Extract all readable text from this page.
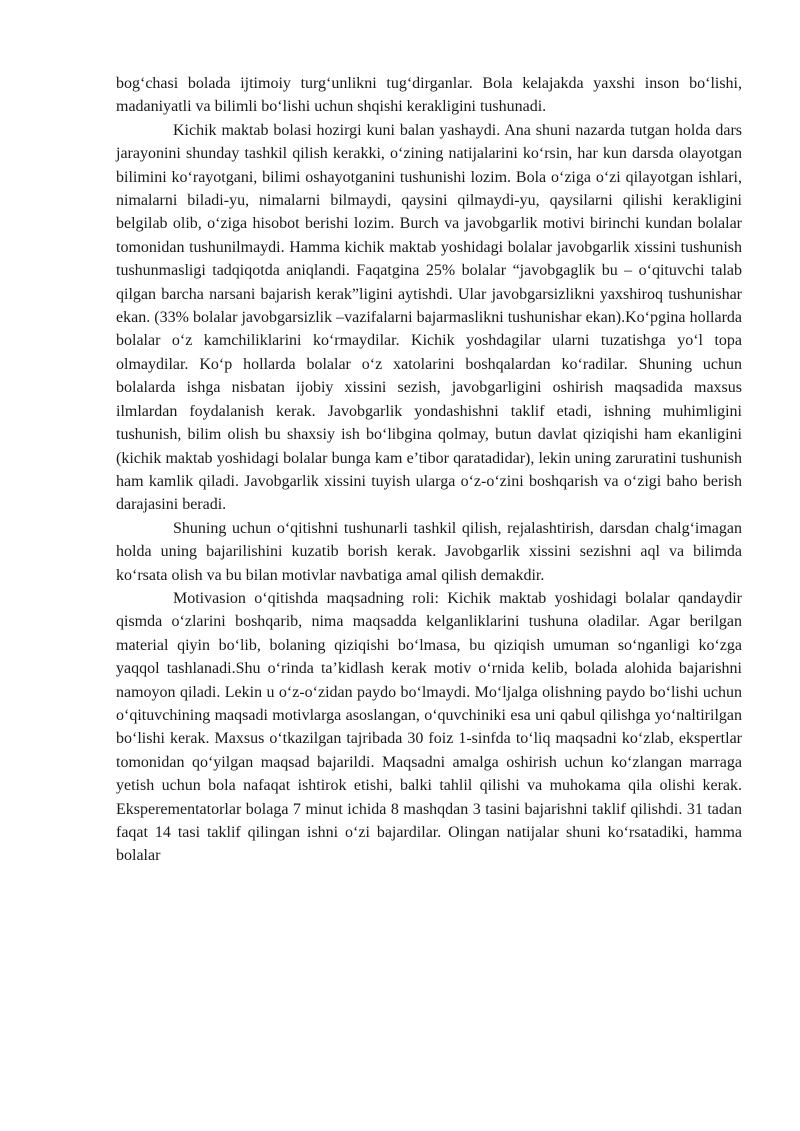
bog‘chasi bolada ijtimoiy turg‘unlikni tug‘dirganlar. Bola kelajakda yaxshi inson bo‘lishi, madaniyatli va bilimli bo‘lishi uchun shqishi kerakligini tushunadi.

Kichik maktab bolasi hozirgi kuni balan yashaydi. Ana shuni nazarda tutgan holda dars jarayonini shunday tashkil qilish kerakki, o‘zining natijalarini ko‘rsin, har kun darsda olayotgan bilimini ko‘rayotgani, bilimi oshayotganini tushunishi lozim. Bola o‘ziga o‘zi qilayotgan ishlari, nimalarni biladi-yu, nimalarni bilmaydi, qaysini qilmaydi-yu, qaysilarni qilishi kerakligini belgilab olib, o‘ziga hisobot berishi lozim. Burch va javobgarlik motivi birinchi kundan bolalar tomonidan tushunilmaydi. Hamma kichik maktab yoshidagi bolalar javobgarlik xissini tushunish tushunmasligi tadqiqotda aniqlandi. Faqatgina 25% bolalar “javobgaglik bu – o‘qituvchi talab qilgan barcha narsani bajarish kerak”ligini aytishdi. Ular javobgarsizlikni yaxshiroq tushunishar ekan. (33% bolalar javobgarsizlik –vazifalarni bajarmaslikni tushunishar ekan).Ko‘pgina hollarda bolalar o‘z kamchiliklarini ko‘rmaydilar. Kichik yoshdagilar ularni tuzatishga yo‘l topa olmaydilar. Ko‘p hollarda bolalar o‘z xatolarini boshqalardan ko‘radilar. Shuning uchun bolalarda ishga nisbatan ijobiy xissini sezish, javobgarligini oshirish maqsadida maxsus ilmlardan foydalanish kerak. Javobgarlik yondashishni taklif etadi, ishning muhimligini tushunish, bilim olish bu shaxsiy ish bo‘libgina qolmay, butun davlat qiziqishi ham ekanligini (kichik maktab yoshidagi bolalar bunga kam e’tibor qaratadidar), lekin uning zaruratini tushunish ham kamlik qiladi. Javobgarlik xissini tuyish ularga o‘z-o‘zini boshqarish va o‘zigi baho berish darajasini beradi.

Shuning uchun o‘qitishni tushunarli tashkil qilish, rejalashtirish, darsdan chalg‘imagan holda uning bajarilishini kuzatib borish kerak. Javobgarlik xissini sezishni aql va bilimda ko‘rsata olish va bu bilan motivlar navbatiga amal qilish demakdir.

Motivasion o‘qitishda maqsadning roli: Kichik maktab yoshidagi bolalar qandaydir qismda o‘zlarini boshqarib, nima maqsadda kelganliklarini tushuna oladilar. Agar berilgan material qiyin bo‘lib, bolaning qiziqishi bo‘lmasa, bu qiziqish umuman so‘nganligi ko‘zga yaqqol tashlanadi.Shu o‘rinda ta’kidlash kerak motiv o‘rnida kelib, bolada alohida bajarishni namoyon qiladi. Lekin u o‘z-o‘zidan paydo bo‘lmaydi. Mo‘ljalga olishning paydo bo‘lishi uchun o‘qituvchining maqsadi motivlarga asoslangan, o‘quvchiniki esa uni qabul qilishga yo‘naltirilgan bo‘lishi kerak. Maxsus o‘tkazilgan tajribada 30 foiz 1-sinfda to‘liq maqsadni ko‘zlab, ekspertlar tomonidan qo‘yilgan maqsad bajarildi. Maqsadni amalga oshirish uchun ko‘zlangan marraga yetish uchun bola nafaqat ishtirok etishi, balki tahlil qilishi va muhokama qila olishi kerak. Eksperementatorlar bolaga 7 minut ichida 8 mashqdan 3 tasini bajarishni taklif qilishdi. 31 tadan faqat 14 tasi taklif qilingan ishni o‘zi bajardilar. Olingan natijalar shuni ko‘rsatadiki, hamma bolalar
